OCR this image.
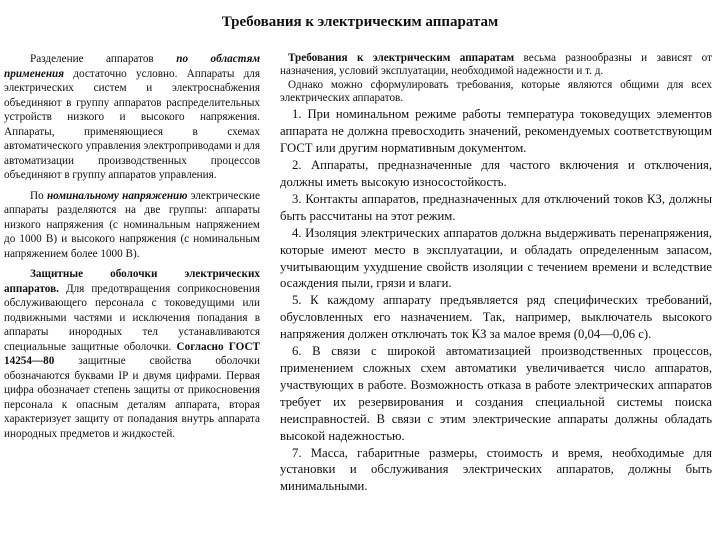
Требования к электрическим аппаратам

Разделение аппаратов по областям применения достаточно условно. Аппараты для электрических систем и электроснабжения объединяют в группу аппаратов распределительных устройств низкого и высокого напряжения. Аппараты, применяющиеся в схемах автоматического управления электроприводами и для автоматизации производственных процессов объединяют в группу аппаратов управления.

По номинальному напряжению электрические аппараты разделяются на две группы: аппараты низкого напряжения (с номинальным напряжением до 1000 В) и высокого напряжения (с номинальным напряжением более 1000 В).

Защитные оболочки электрических аппаратов. Для предотвращения соприкосновения обслуживающего персонала с токоведущими или подвижными частями и исключения попадания в аппараты инородных тел устанавливаются специальные защитные оболочки. Согласно ГОСТ 14254—80 защитные свойства оболочки обозначаются буквами IP и двумя цифрами. Первая цифра обозначает степень защиты от прикосновения персонала к опасным деталям аппарата, вторая характеризует защиту от попадания внутрь аппарата инородных предметов и жидкостей.

Требования к электрическим аппаратам весьма разнообразны и зависят от назначения, условий эксплуатации, необходимой надежности и т. д.

Однако можно сформулировать требования, которые являются общими для всех электрических аппаратов.

1. При номинальном режиме работы температура токоведущих элементов аппарата не должна превосходить значений, рекомендуемых соответствующим ГОСТ или другим нормативным документом.

2. Аппараты, предназначенные для частого включения и отключения, должны иметь высокую износостойкость.

3. Контакты аппаратов, предназначенных для отключений токов КЗ, должны быть рассчитаны на этот режим.

4. Изоляция электрических аппаратов должна выдерживать перенапряжения, которые имеют место в эксплуатации, и обладать определенным запасом, учитывающим ухудшение свойств изоляции с течением времени и вследствие осаждения пыли, грязи и влаги.

5. К каждому аппарату предъявляется ряд специфических требований, обусловленных его назначением. Так, например, выключатель высокого напряжения должен отключать ток КЗ за малое время (0,04—0,06 с).

6. В связи с широкой автоматизацией производственных процессов, применением сложных схем автоматики увеличивается число аппаратов, участвующих в работе. Возможность отказа в работе электрических аппаратов требует их резервирования и создания специальной системы поиска неисправностей. В связи с этим электрические аппараты должны обладать высокой надежностью.

7. Масса, габаритные размеры, стоимость и время, необходимые для установки и обслуживания электрических аппаратов, должны быть минимальными.
